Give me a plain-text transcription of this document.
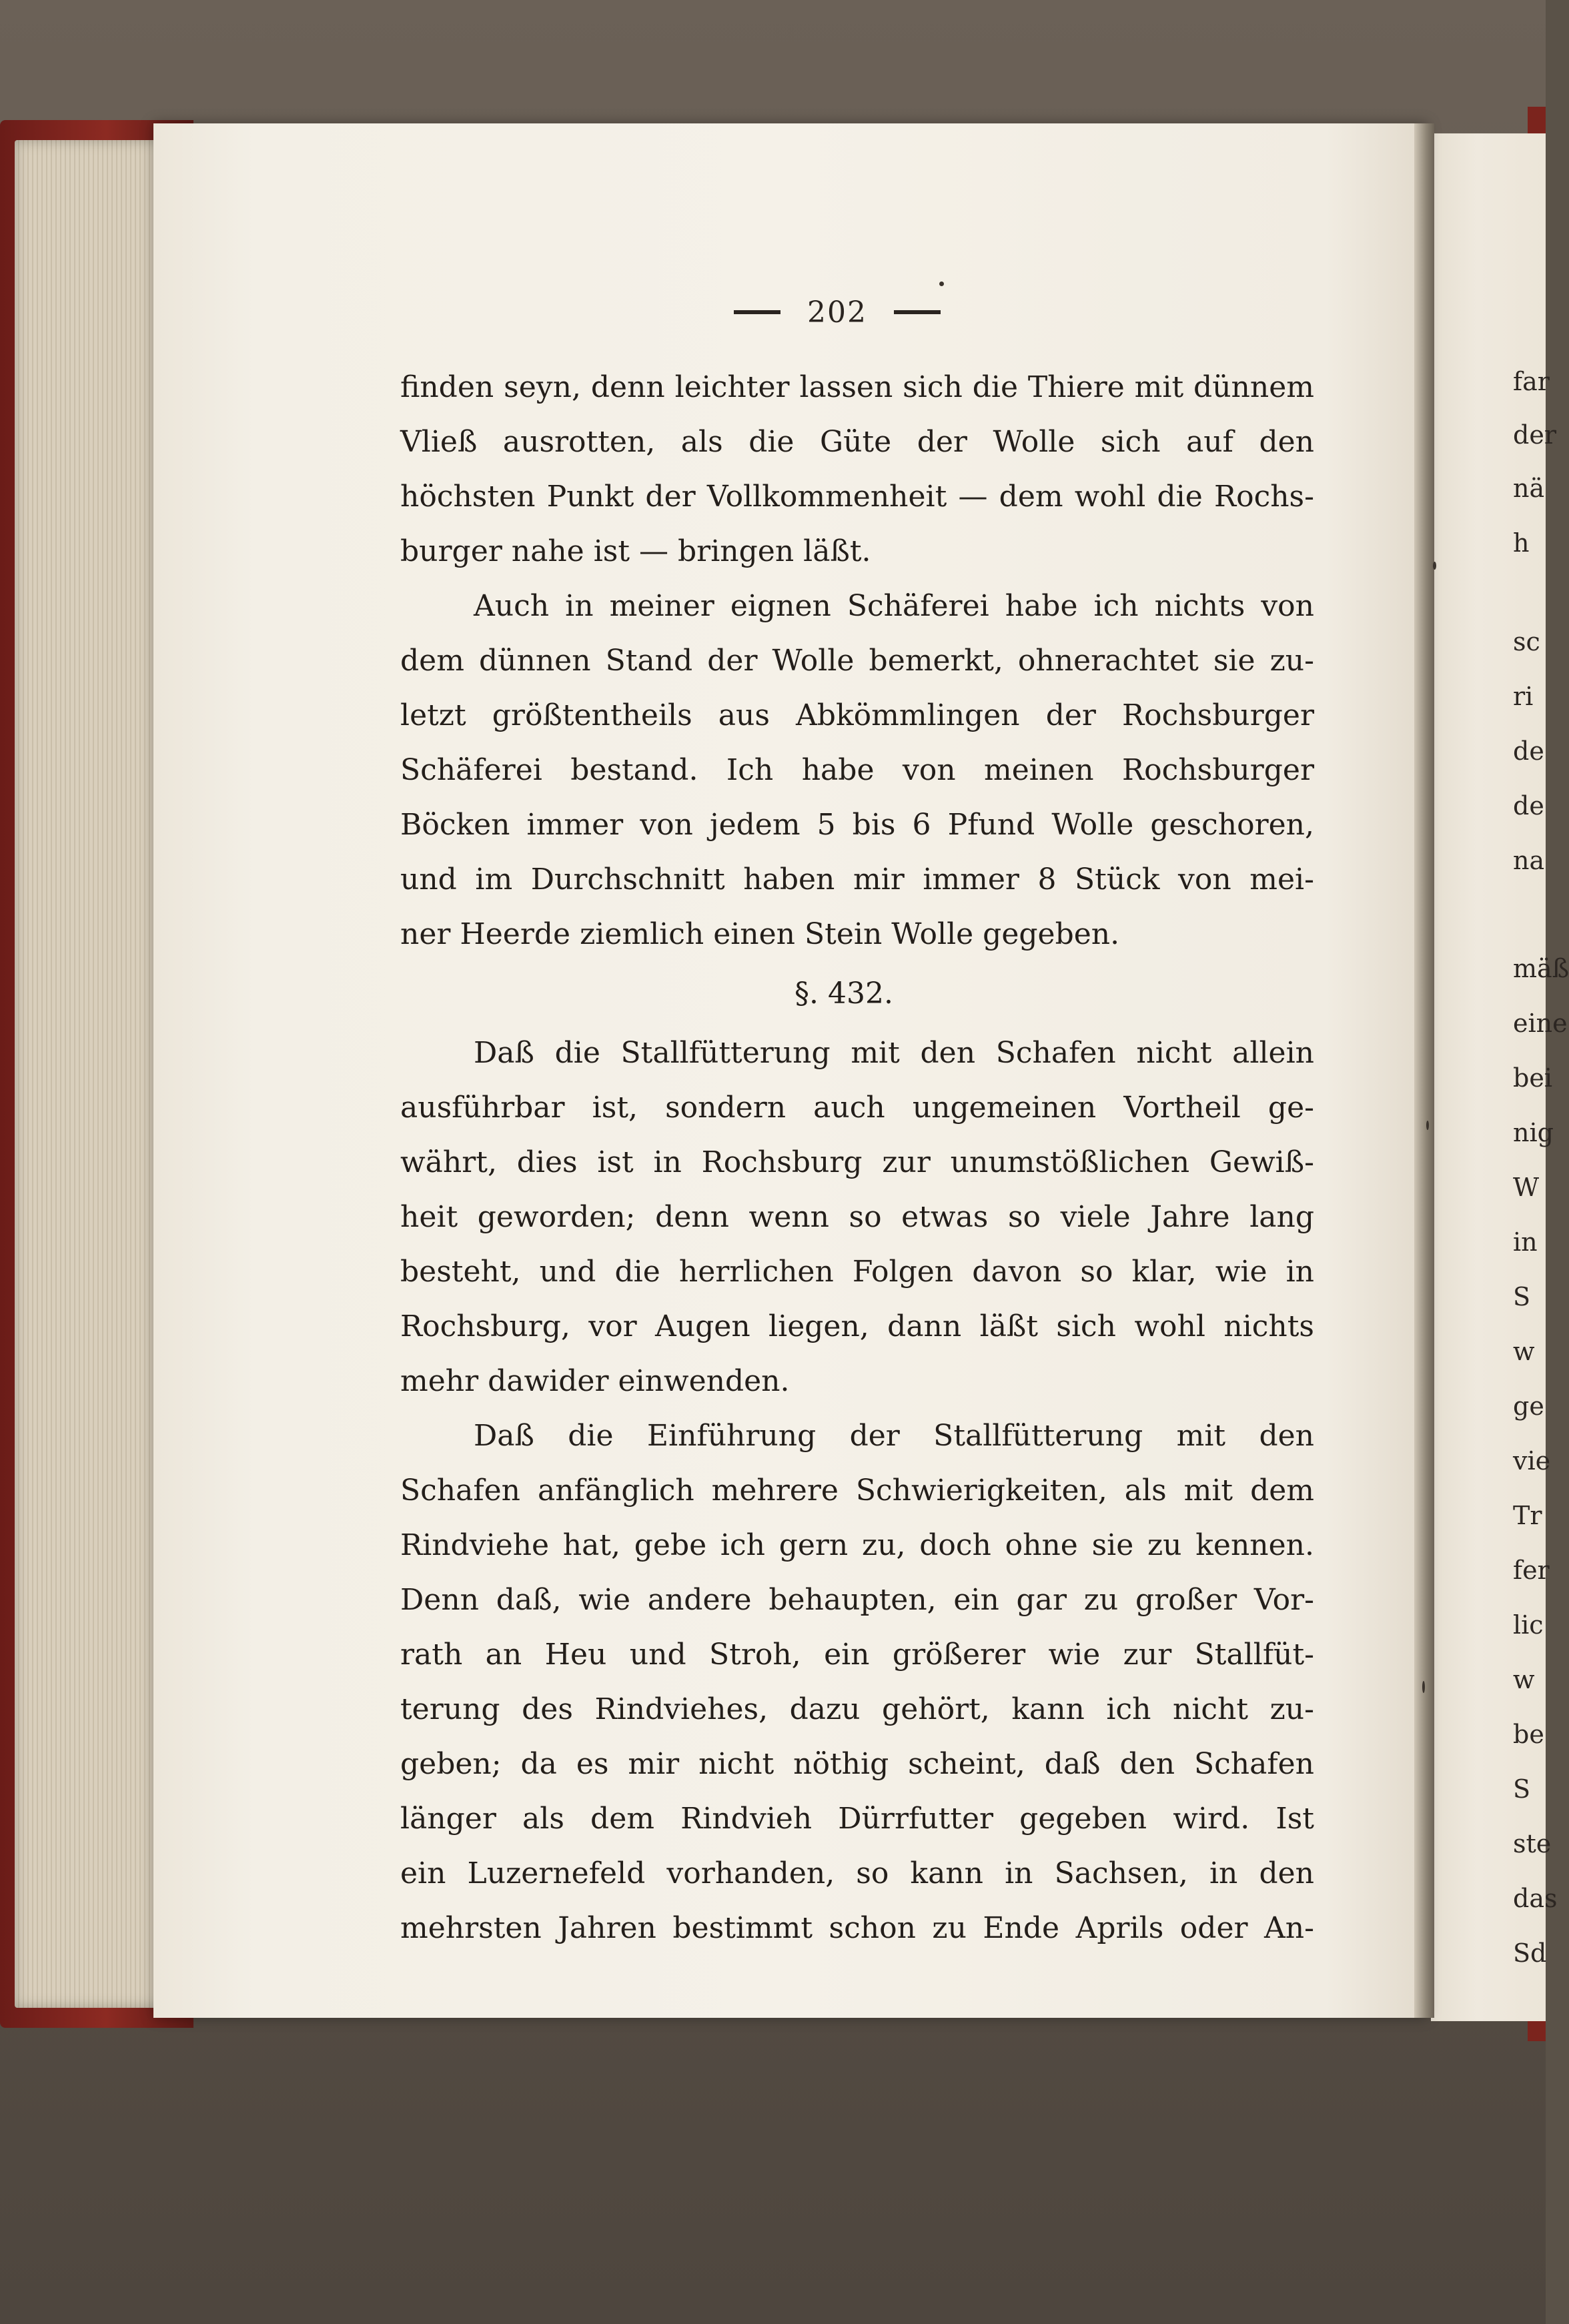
202
finden seyn, denn leichter lassen sich die Thiere mit dünnem
Vließ ausrotten, als die Güte der Wolle sich auf den
höchsten Punkt der Vollkommenheit — dem wohl die Rochs-
burger nahe ist — bringen läßt.
Auch in meiner eignen Schäferei habe ich nichts von
dem dünnen Stand der Wolle bemerkt, ohnerachtet sie zu-
letzt größtentheils aus Abkömmlingen der Rochsburger
Schäferei bestand. Ich habe von meinen Rochsburger
Böcken immer von jedem 5 bis 6 Pfund Wolle geschoren,
und im Durchschnitt haben mir immer 8 Stück von mei-
ner Heerde ziemlich einen Stein Wolle gegeben.
§. 432.
Daß die Stallfütterung mit den Schafen nicht allein
ausführbar ist, sondern auch ungemeinen Vortheil ge-
währt, dies ist in Rochsburg zur unumstößlichen Gewiß-
heit geworden; denn wenn so etwas so viele Jahre lang
besteht, und die herrlichen Folgen davon so klar, wie in
Rochsburg, vor Augen liegen, dann läßt sich wohl nichts
mehr dawider einwenden.
Daß die Einführung der Stallfütterung mit den
Schafen anfänglich mehrere Schwierigkeiten, als mit dem
Rindviehe hat, gebe ich gern zu, doch ohne sie zu kennen.
Denn daß, wie andere behaupten, ein gar zu großer Vor-
rath an Heu und Stroh, ein größerer wie zur Stallfüt-
terung des Rindviehes, dazu gehört, kann ich nicht zu-
geben; da es mir nicht nöthig scheint, daß den Schafen
länger als dem Rindvieh Dürrfutter gegeben wird. Ist
ein Luzernefeld vorhanden, so kann in Sachsen, in den
mehrsten Jahren bestimmt schon zu Ende Aprils oder An-
far
der
nä
h
sc
ri
de
de
na
mäß
eine
bei
nig
W
in
S
w
ge
vie
Tr
fer
lic
w
be
S
ste
das
Sd
